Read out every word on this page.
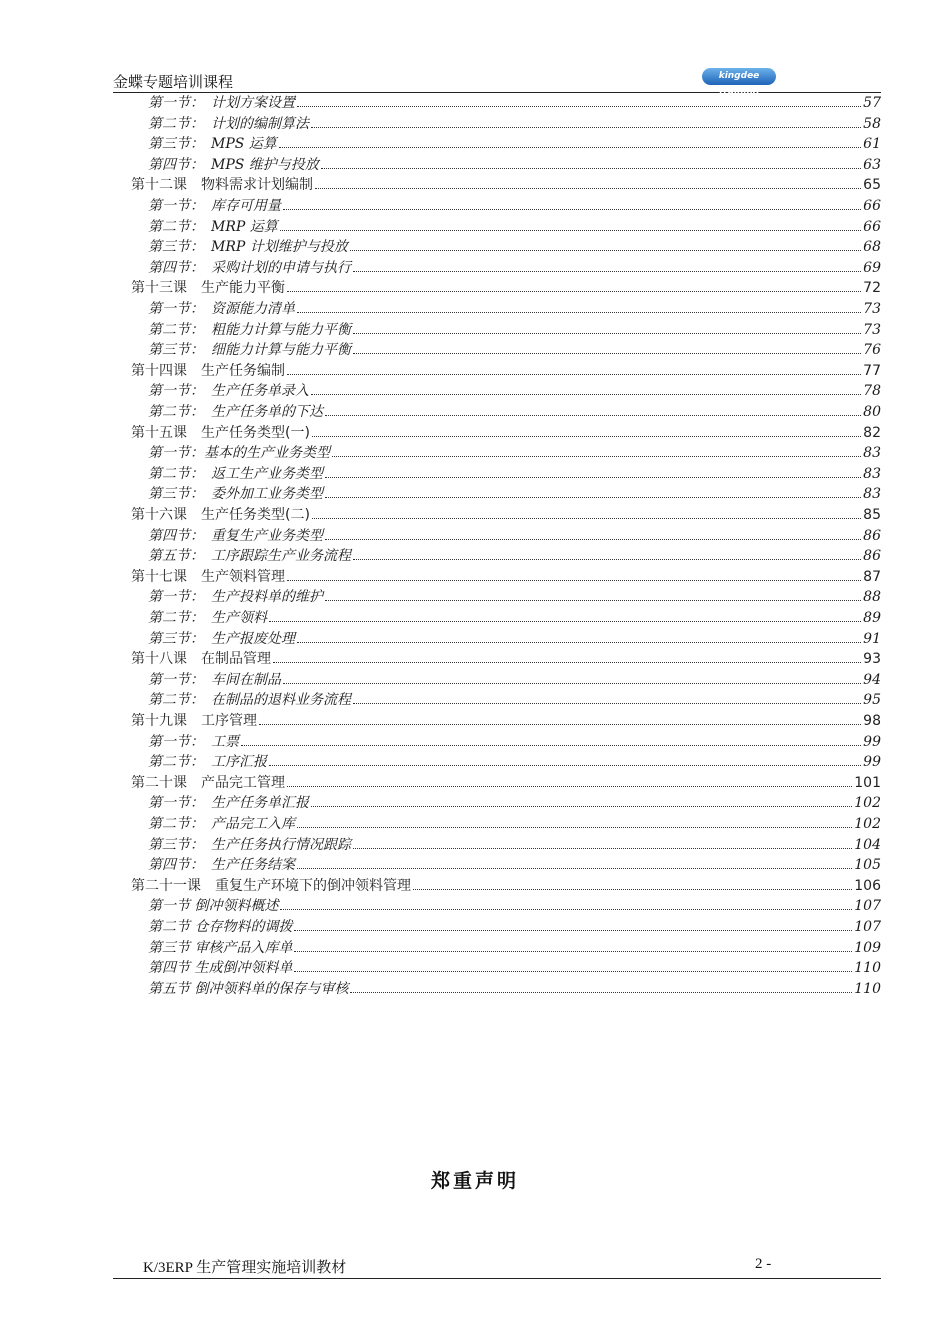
金蝶专题培训课程	kingdee training
第一节：　计划方案设置	57
第二节：　计划的编制算法	58
第三节：　MPS 运算	61
第四节：　MPS 维护与投放	63
第十二课　物料需求计划编制	65
第一节：　库存可用量	66
第二节：　MRP 运算	66
第三节：　MRP 计划维护与投放	68
第四节：　采购计划的申请与执行	69
第十三课　生产能力平衡	72
第一节：　资源能力清单	73
第二节：　粗能力计算与能力平衡	73
第三节：　细能力计算与能力平衡	76
第十四课　生产任务编制	77
第一节：　生产任务单录入	78
第二节：　生产任务单的下达	80
第十五课　生产任务类型(一)	82
第一节：基本的生产业务类型	83
第二节：　返工生产业务类型	83
第三节：　委外加工业务类型	83
第十六课　生产任务类型(二)	85
第四节：　重复生产业务类型	86
第五节：　工序跟踪生产业务流程	86
第十七课　生产领料管理	87
第一节：　生产投料单的维护	88
第二节：　生产领料	89
第三节：　生产报废处理	91
第十八课　在制品管理	93
第一节：　车间在制品	94
第二节：　在制品的退料业务流程	95
第十九课　工序管理	98
第一节：　工票	99
第二节：　工序汇报	99
第二十课　产品完工管理	101
第一节：　生产任务单汇报	102
第二节：　产品完工入库	102
第三节：　生产任务执行情况跟踪	104
第四节：　生产任务结案	105
第二十一课　重复生产环境下的倒冲领料管理	106
第一节 倒冲领料概述	107
第二节 仓存物料的调拨	107
第三节 审核产品入库单	109
第四节 生成倒冲领料单	110
第五节 倒冲领料单的保存与审核	110
郑重声明
K/3ERP 生产管理实施培训教材	2 -
